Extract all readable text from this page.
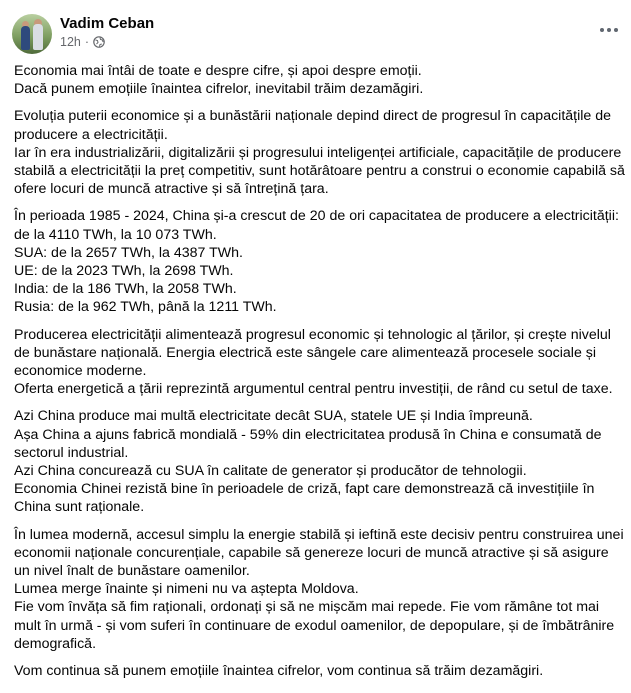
Vadim Ceban
12h ·
Economia mai întâi de toate e despre cifre, și apoi despre emoții.
Dacă punem emoțiile înaintea cifrelor, inevitabil trăim dezamăgiri.
Evoluția puterii economice și a bunăstării naționale depind direct de progresul în capacitățile de producere a electricității.
Iar în era industrializării, digitalizării și progresului inteligenței artificiale, capacitățile de producere stabilă a electricității la preț competitiv, sunt hotărâtoare pentru a construi o economie capabilă să ofere locuri de muncă atractive și să întrețină țara.
În perioada 1985 - 2024, China și-a crescut de 20 de ori capacitatea de producere a electricității: de la 4110 TWh, la 10 073 TWh.
SUA: de la 2657 TWh, la 4387 TWh.
UE: de la 2023 TWh, la 2698 TWh.
India: de la 186 TWh, la 2058 TWh.
Rusia: de la 962 TWh, până la 1211 TWh.
Producerea electricității alimentează progresul economic și tehnologic al țărilor, și crește nivelul de bunăstare națională. Energia electrică este sângele care alimentează procesele sociale și economice moderne.
Oferta energetică a țării reprezintă argumentul central pentru investiții, de rând cu setul de taxe.
Azi China produce mai multă electricitate decât SUA, statele UE și India împreună.
Așa China a ajuns fabrică mondială - 59% din electricitatea produsă în China e consumată de sectorul industrial.
Azi China concurează cu SUA în calitate de generator și producător de tehnologii.
Economia Chinei rezistă bine în perioadele de criză, fapt care demonstrează că investițiile în China sunt raționale.
În lumea modernă, accesul simplu la energie stabilă și ieftină este decisiv pentru construirea unei economii naționale concurențiale, capabile să genereze locuri de muncă atractive și să asigure un nivel înalt de bunăstare oamenilor.
Lumea merge înainte și nimeni nu va aștepta Moldova.
Fie vom învăța să fim raționali, ordonați și să ne mișcăm mai repede. Fie vom rămâne tot mai mult în urmă - și vom suferi în continuare de exodul oamenilor, de depopulare, și de îmbătrânire demografică.
Vom continua să punem emoțiile înaintea cifrelor, vom continua să trăim dezamăgiri.
